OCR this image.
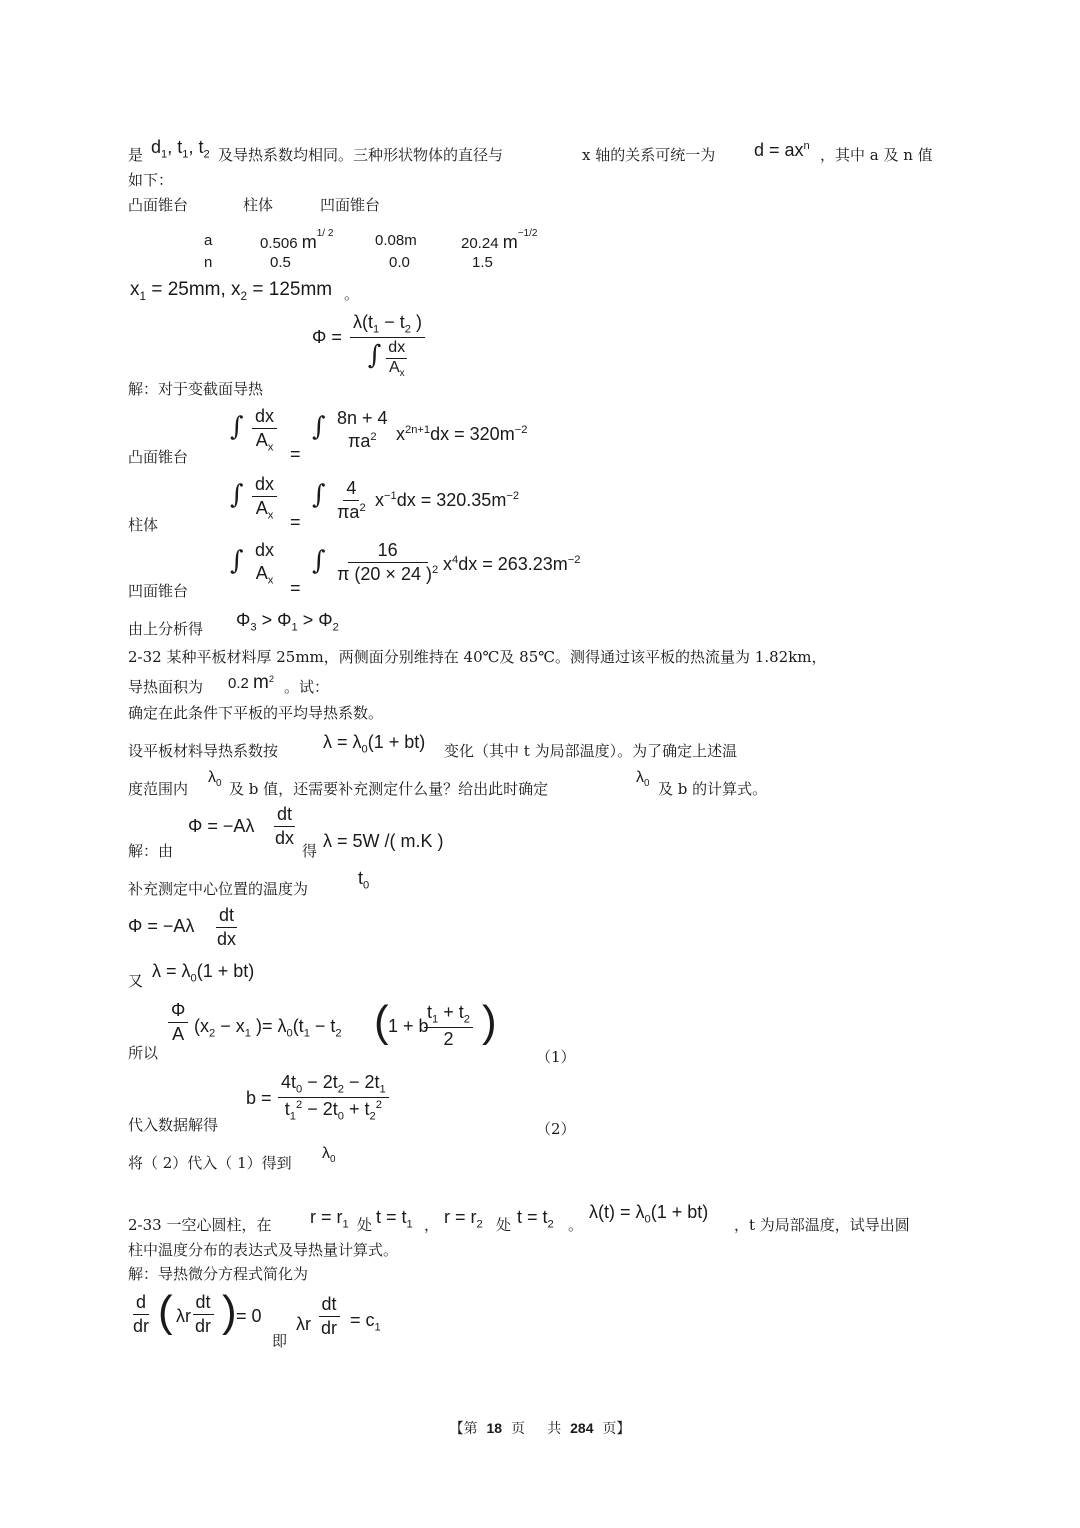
是 $d_1$, $t_1$, $t_2$ 及导热系数均相同。三种形状物体的直径与	x 轴的关系可统一为 $d = ax^n$ ，其中 a 及 n 值
如下：
凸面锥台	柱体	凹面锥台
a	0.506 $m^{1/ 2}$	0.08m	20.24 $m^{-1/2}$
n	0.5	0.0	1.5
$x_1 = 25mm$, $x_2 = 125mm$ 。
Φ =
$\lambda(t_1 - t_2$ )
∫ $\frac{dx}{A_x}$
解：对于变截面导热
凸面锥台
∫ $\frac{dx}{A_x}$ =
∫ 8n + 4
$\pi a^2$ $x^{2n+1}dx = 320m^{-2}$
柱体
∫ $\frac{dx}{A_x}$ =
∫ $\frac{4}{\pi a^2} x^{-1}dx = 320.35m^{-2}$
凹面锥台
∫ dx
$A_x$ =
∫ $\frac{16}{\pi (20 \times 24 )^2} x^4dx = 263.23m^{-2}$
由上分析得 $\Phi_3 > \Phi_1 > \Phi_2$
2-32 某种平板材料厚 25mm，两侧面分别维持在 40℃及 85℃。测得通过该平板的热流量为 1.82km，
导热面积为 0.2 $m^2$ 。试：
确定在此条件下平板的平均导热系数。
设平板材料导热系数按 $\lambda = \lambda_0(1 + bt)$ 变化（其中 t 为局部温度）。为了确定上述温
度范围内
$\lambda_0$ 及 b 值，还需要补充测定什么量？给出此时确定
$\lambda_0$ 及 b 的计算式。
解：由
$\Phi = -A\lambda \frac{dt}{dx}$
得 λ = 5W /( m.K )
补充测定中心位置的温度为
$t_0$
$\Phi = -A\lambda \frac{dt}{dx}$
又 $\lambda = \lambda_0(1 + bt)$
所以
$\frac{\Phi}{A} (x_2 - x_1$ )= $\lambda_0(t_1 - t_2$ ( 1 + b
$\frac{t_1 + t_2}{2}$ )
（1）
代入数据解得
$b = \frac{4t_0 - 2t_2 - 2t_1}{t_1^2 - 2t_0 + t_2^2}$
（2）
将（ 2）代入（ 1）得到
$\lambda_0$
2-33 一空心圆柱，在 $r = r_1$ 处 $t = t_1$ ， $r = r_2$ 处 $t = t_2$ 。
$\lambda(t) = \lambda_0(1 + bt)$
，t 为局部温度，试导出圆
柱中温度分布的表达式及导热量计算式。
解：导热微分方程式简化为
$\frac{d}{dr}$ ( λr $\frac{dt}{dr}$ ) = 0
即
λr $\frac{dt}{dr} = c_1$
【第 18 页 共 284 页】
